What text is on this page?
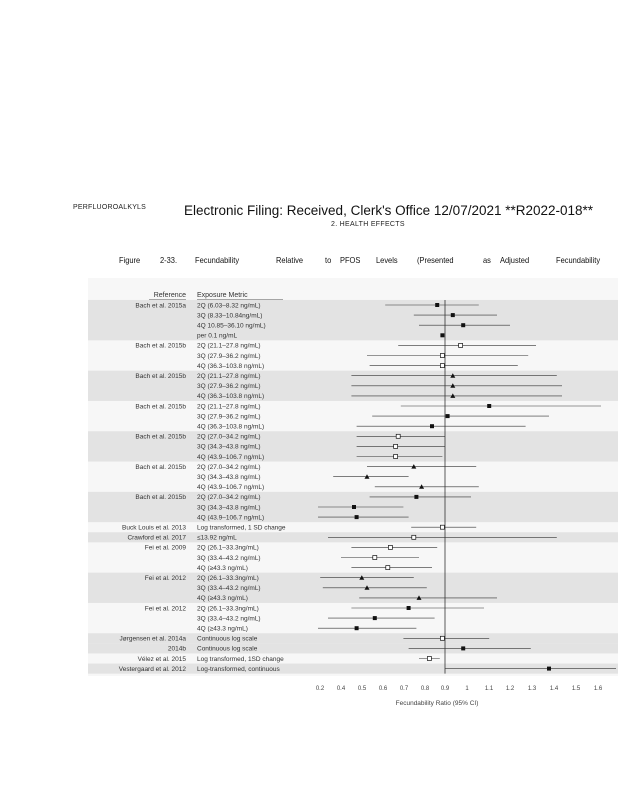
PERFLUOROALKYLS	Electronic Filing: Received, Clerk's Office 12/07/2021 **R2022-018**
2. HEALTH EFFECTS
Figure 2-33. Fecundability	Relative	to PFOS Levels (Presented	as Adjusted	Fecundability
Reference Exposure Metric
Bach et al. 2015a 2Q (6.03–8.32 ng/mL)
3Q (8.33–10.84ng/mL)
4Q 10.85–36.10 ng/mL)
per 0.1 ng/mL
Bach et al. 2015b 2Q (21.1–27.8 ng/mL)
3Q (27.9–36.2 ng/mL)
4Q (36.3–103.8 ng/mL)
Bach et al. 2015b 2Q (21.1–27.8 ng/mL)
3Q (27.9–36.2 ng/mL)
4Q (36.3–103.8 ng/mL)
Bach et al. 2015b 2Q (21.1–27.8 ng/mL)
3Q (27.9–36.2 ng/mL)
4Q (36.3–103.8 ng/mL)
Bach et al. 2015b 2Q (27.0–34.2 ng/mL)
3Q (34.3–43.8 ng/mL)
4Q (43.9–106.7 ng/mL)
Bach et al. 2015b 2Q (27.0–34.2 ng/mL)
3Q (34.3–43.8 ng/mL)
4Q (43.9–106.7 ng/mL)
Bach et al. 2015b 2Q (27.0–34.2 ng/mL)
3Q (34.3–43.8 ng/mL)
4Q (43.9–106.7 ng/mL)
Buck Louis et al. 2013 Log transformed, 1 SD change
Crawford et al. 2017 ≤13.92 ng/mL
Fei et al. 2009 2Q (26.1–33.3ng/mL)
3Q (33.4–43.2 ng/mL)
4Q (≥43.3 ng/mL)
Fei et al. 2012 2Q (26.1–33.3ng/mL)
3Q (33.4–43.2 ng/mL)
4Q (≥43.3 ng/mL)
Fei et al. 2012 2Q (26.1–33.3ng/mL)
3Q (33.4–43.2 ng/mL)
4Q (≥43.3 ng/mL)
Jørgensen et al. 2014a Continuous log scale
2014b Continuous log scale
Vélez et al. 2015 Log transformed, 1SD change
Vestergaard et al. 2012 Log-transformed, continuous
0.2 0.4 0.5 0.6 0.7 0.8 0.9	1	1.1 1.2 1.3 1.4 1.5 1.6
Fecundability Ratio (95% CI)
